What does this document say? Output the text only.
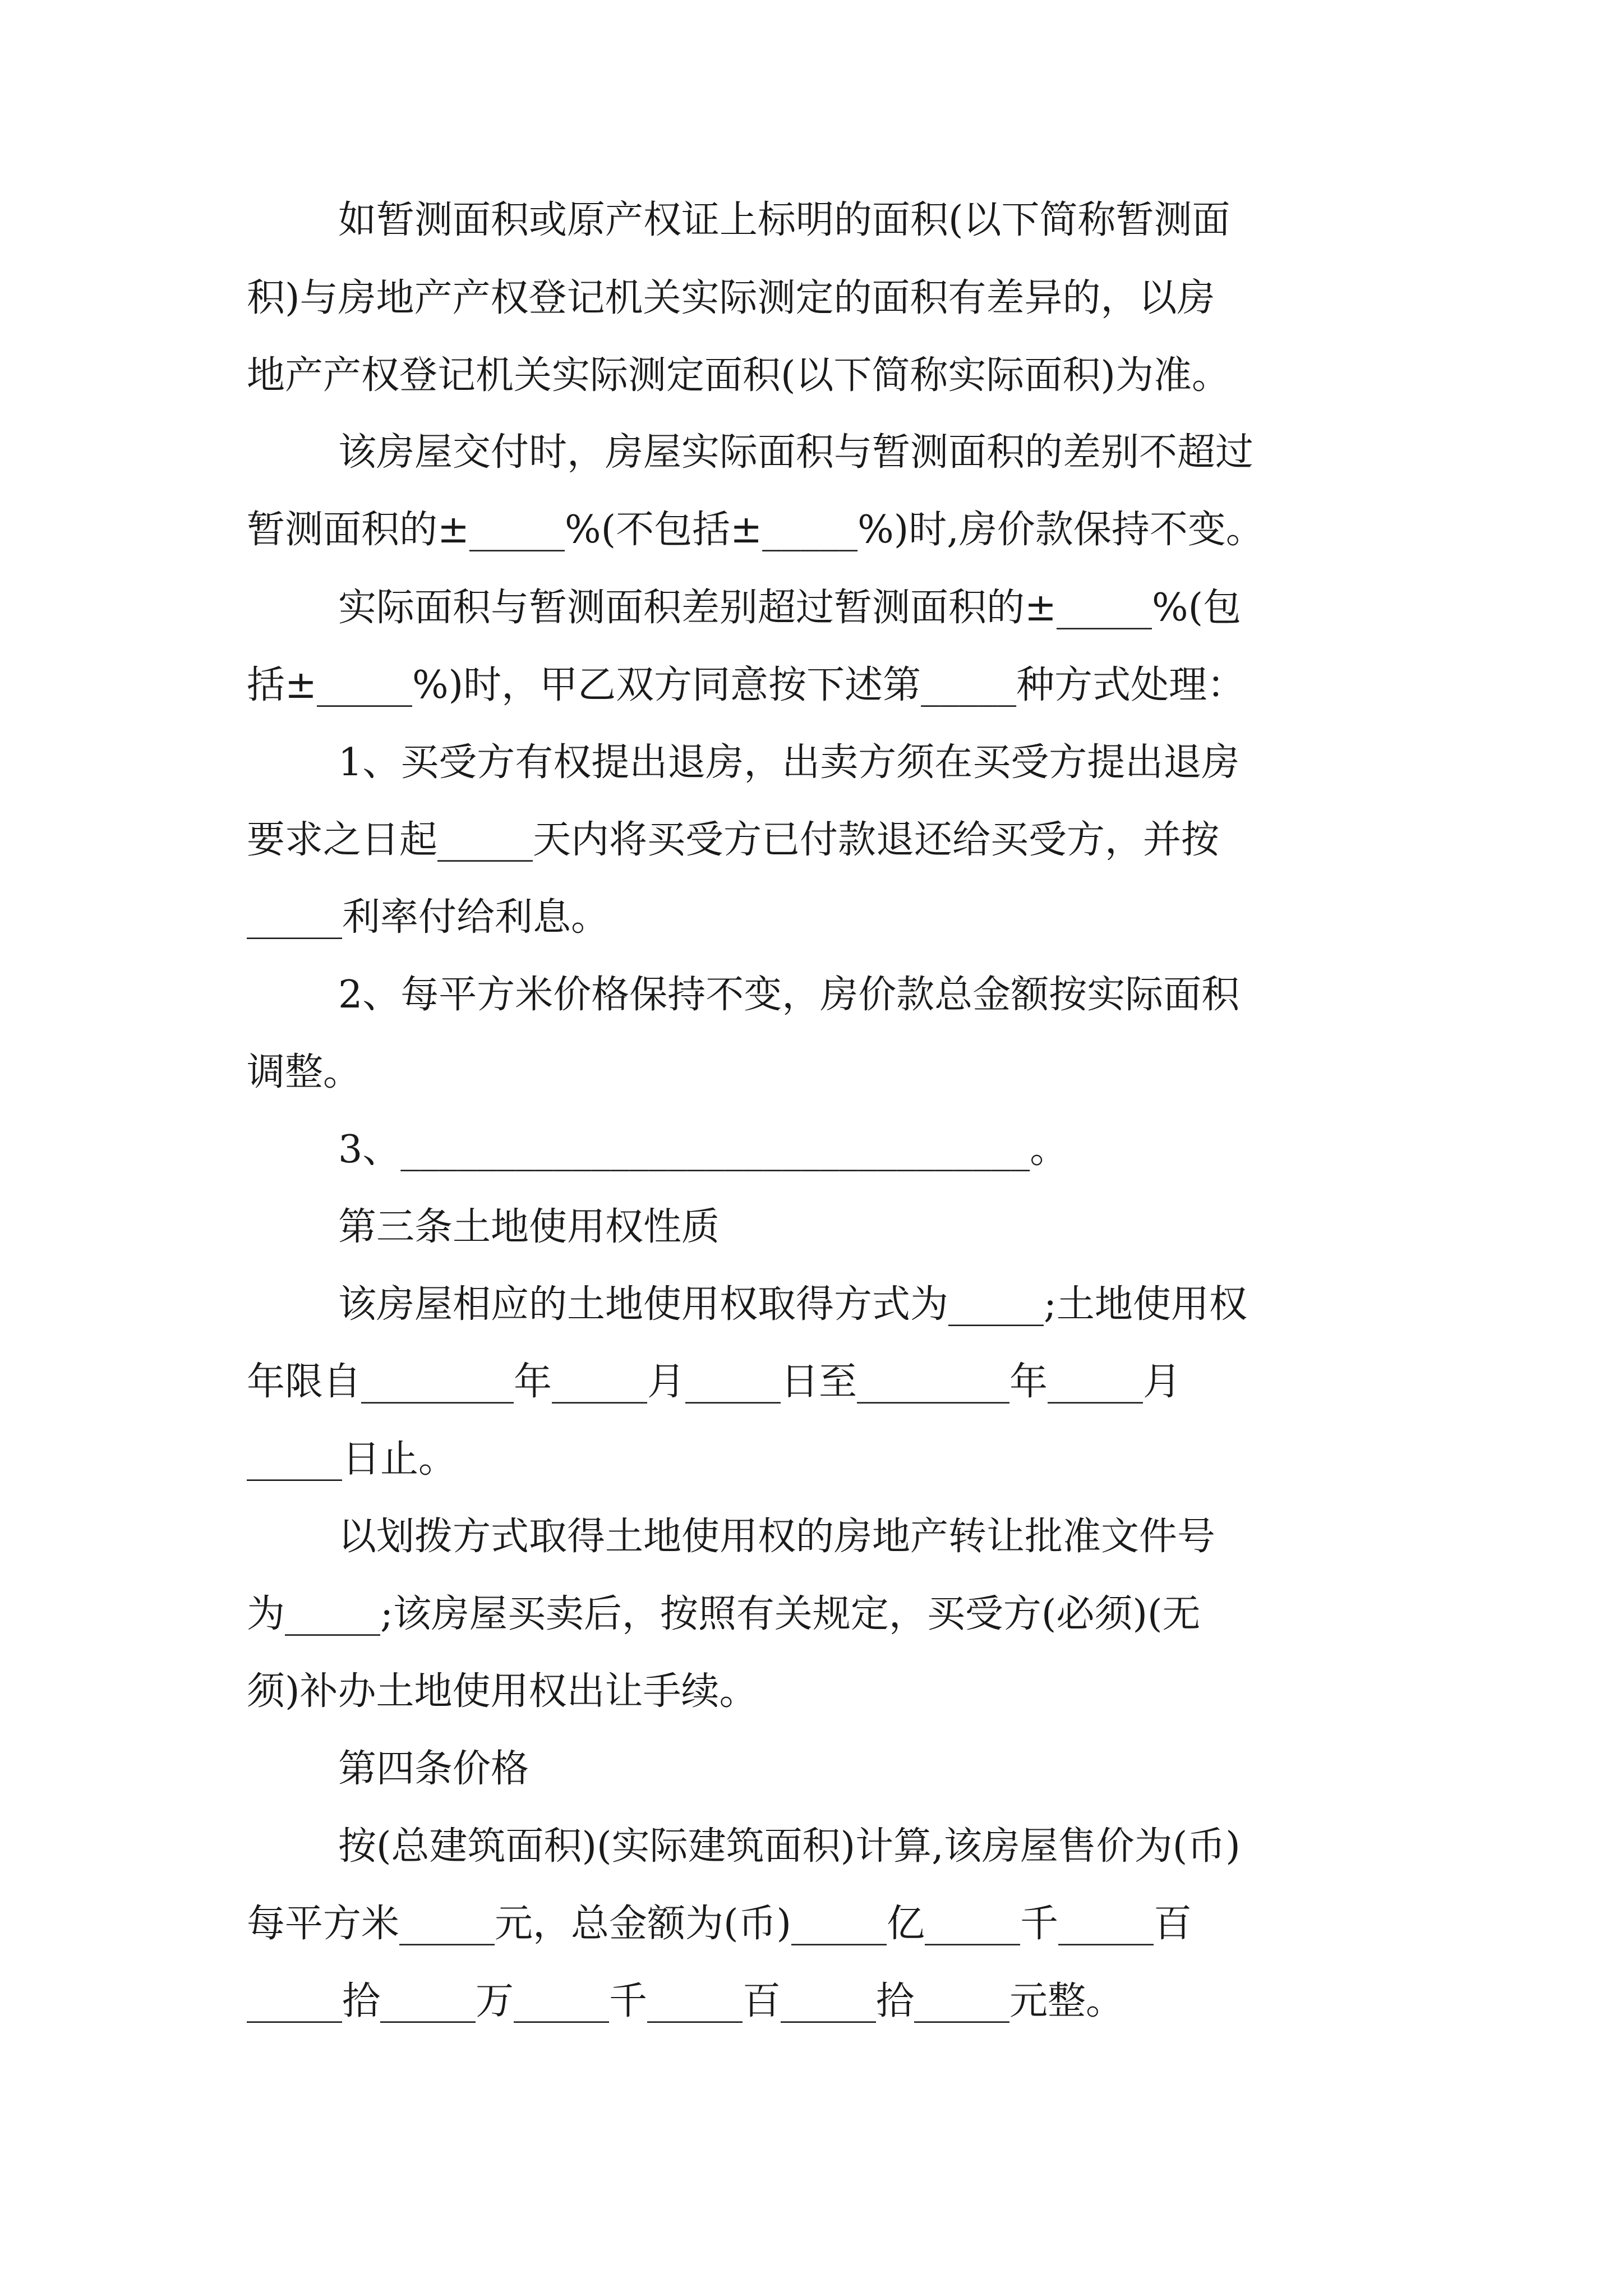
如暂测面积或原产权证上标明的面积(以下简称暂测面
积)与房地产产权登记机关实际测定的面积有差异的，以房
地产产权登记机关实际测定面积(以下简称实际面积)为准。
该房屋交付时，房屋实际面积与暂测面积的差别不超过
暂测面积的±_____%(不包括±_____%)时,房价款保持不变。
实际面积与暂测面积差别超过暂测面积的±_____%(包
括±_____%)时，甲乙双方同意按下述第_____种方式处理：
1、买受方有权提出退房，出卖方须在买受方提出退房
要求之日起_____天内将买受方已付款退还给买受方，并按
_____利率付给利息。
2、每平方米价格保持不变，房价款总金额按实际面积
调整。
3、_________________________________。
第三条土地使用权性质
该房屋相应的土地使用权取得方式为_____;土地使用权
年限自________年_____月_____日至________年_____月
_____日止。
以划拨方式取得土地使用权的房地产转让批准文件号
为_____;该房屋买卖后，按照有关规定，买受方(必须)(无
须)补办土地使用权出让手续。
第四条价格
按(总建筑面积)(实际建筑面积)计算,该房屋售价为(币)
每平方米_____元，总金额为(币)_____亿_____千_____百
_____拾_____万_____千_____百_____拾_____元整。
